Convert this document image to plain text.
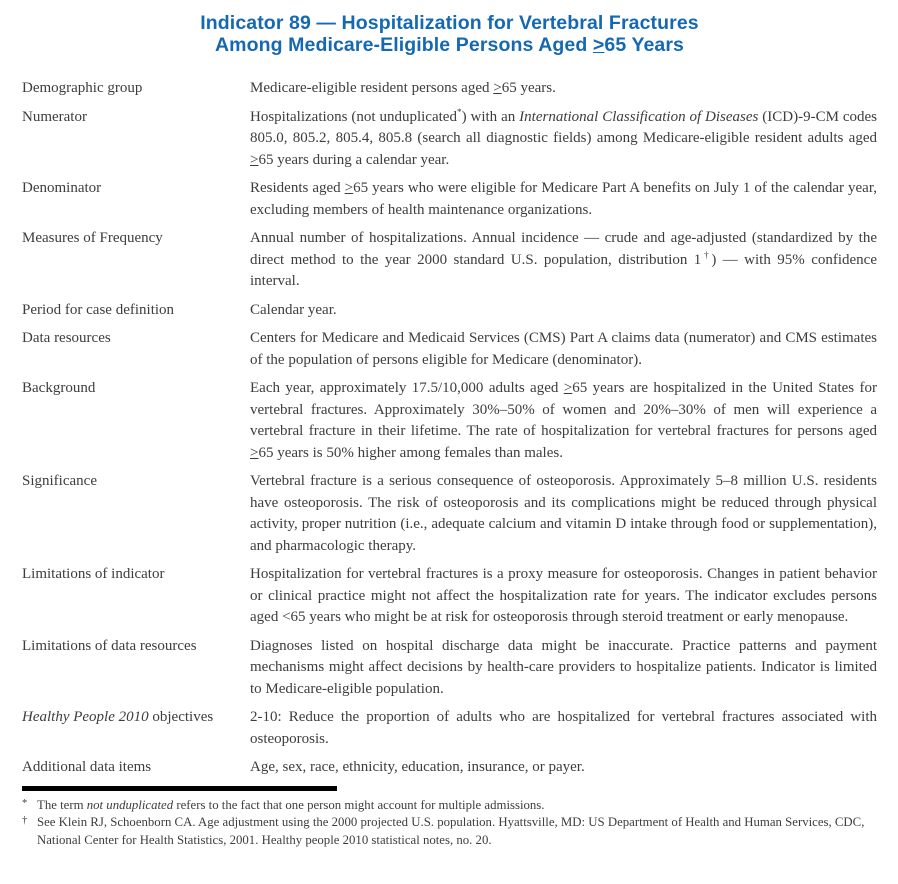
Indicator 89 — Hospitalization for Vertebral Fractures
Among Medicare-Eligible Persons Aged >65 Years
Demographic group	Medicare-eligible resident persons aged ≥65 years.
Numerator	Hospitalizations (not unduplicated*) with an International Classification of Diseases (ICD)-9-CM codes 805.0, 805.2, 805.4, 805.8 (search all diagnostic fields) among Medicare-eligible resident adults aged ≥65 years during a calendar year.
Denominator	Residents aged ≥65 years who were eligible for Medicare Part A benefits on July 1 of the calendar year, excluding members of health maintenance organizations.
Measures of Frequency	Annual number of hospitalizations. Annual incidence — crude and age-adjusted (standardized by the direct method to the year 2000 standard U.S. population, distribution 1†) — with 95% confidence interval.
Period for case definition	Calendar year.
Data resources	Centers for Medicare and Medicaid Services (CMS) Part A claims data (numerator) and CMS estimates of the population of persons eligible for Medicare (denominator).
Background	Each year, approximately 17.5/10,000 adults aged ≥65 years are hospitalized in the United States for vertebral fractures. Approximately 30%–50% of women and 20%–30% of men will experience a vertebral fracture in their lifetime. The rate of hospitalization for vertebral fractures for persons aged ≥65 years is 50% higher among females than males.
Significance	Vertebral fracture is a serious consequence of osteoporosis. Approximately 5–8 million U.S. residents have osteoporosis. The risk of osteoporosis and its complications might be reduced through physical activity, proper nutrition (i.e., adequate calcium and vitamin D intake through food or supplementation), and pharmacologic therapy.
Limitations of indicator	Hospitalization for vertebral fractures is a proxy measure for osteoporosis. Changes in patient behavior or clinical practice might not affect the hospitalization rate for years. The indicator excludes persons aged <65 years who might be at risk for osteoporosis through steroid treatment or early menopause.
Limitations of data resources	Diagnoses listed on hospital discharge data might be inaccurate. Practice patterns and payment mechanisms might affect decisions by health-care providers to hospitalize patients. Indicator is limited to Medicare-eligible population.
Healthy People 2010 objectives	2-10: Reduce the proportion of adults who are hospitalized for vertebral fractures associated with osteoporosis.
Additional data items	Age, sex, race, ethnicity, education, insurance, or payer.
* The term not unduplicated refers to the fact that one person might account for multiple admissions.
† See Klein RJ, Schoenborn CA. Age adjustment using the 2000 projected U.S. population. Hyattsville, MD: US Department of Health and Human Services, CDC, National Center for Health Statistics, 2001. Healthy people 2010 statistical notes, no. 20.
